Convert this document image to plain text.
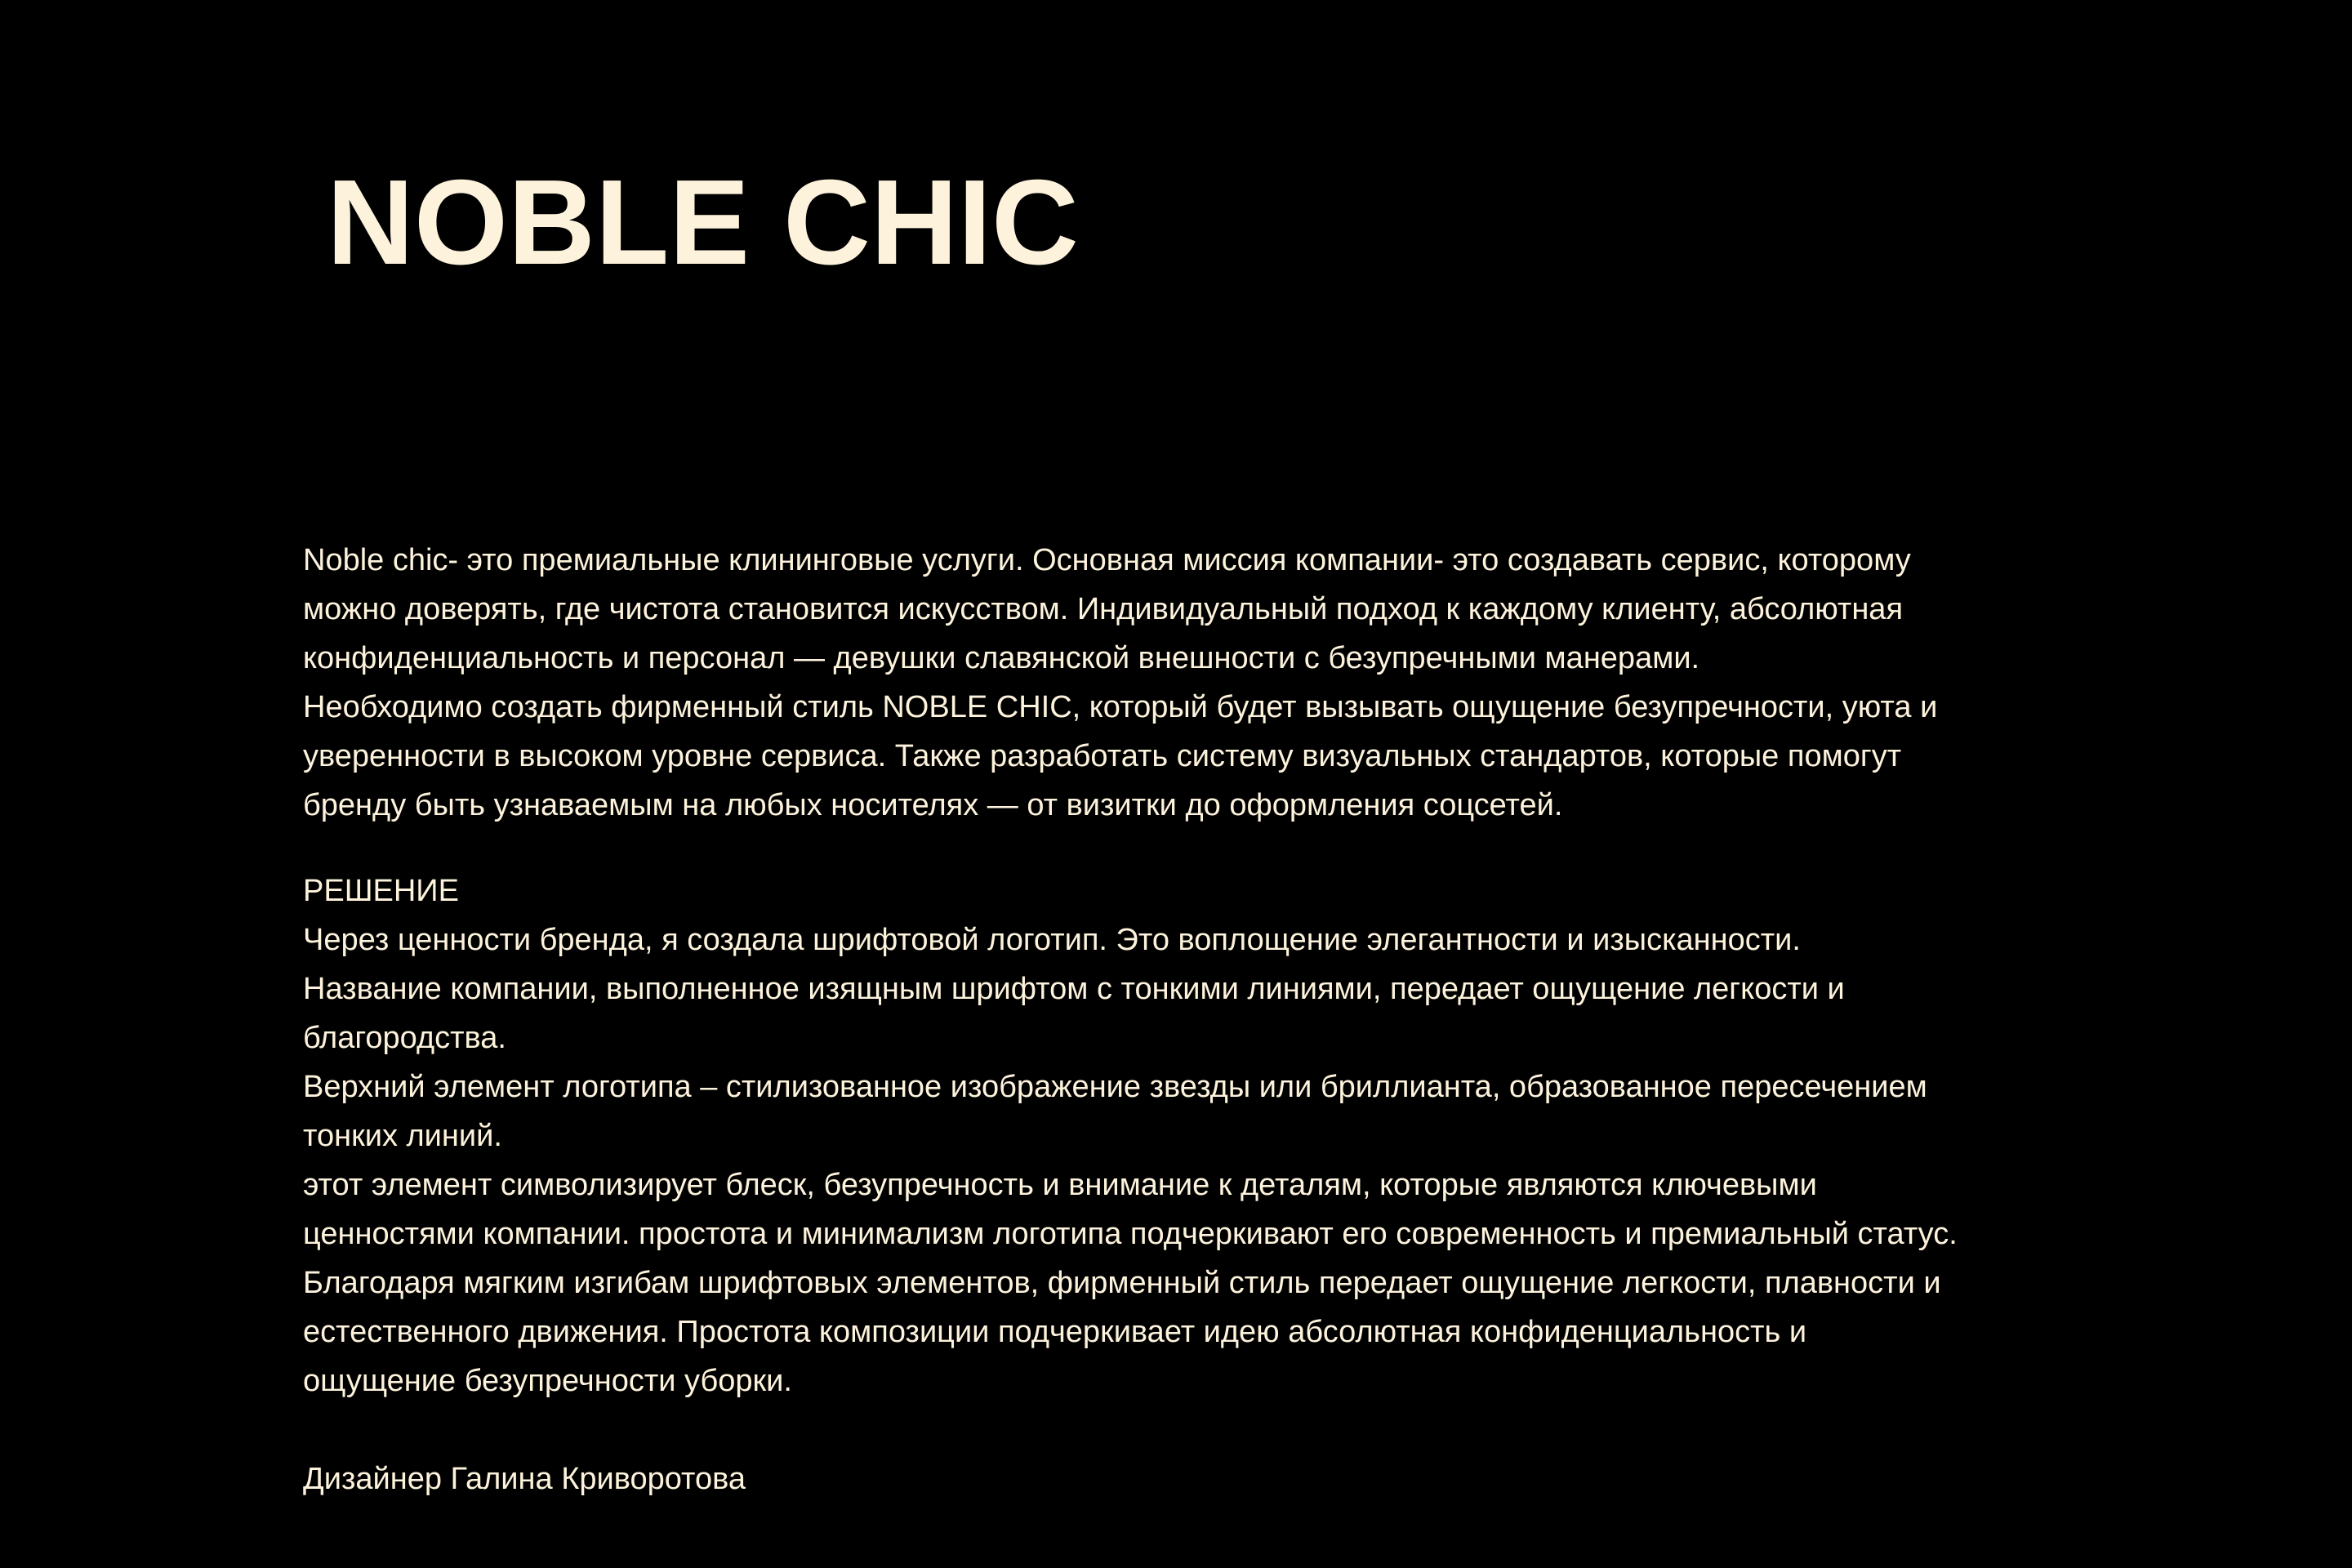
NOBLE CHIC
Noble chic- это премиальные клининговые услуги. Основная миссия компании- это создавать сервис, которому
можно доверять, где чистота становится искусством. Индивидуальный подход к каждому клиенту, абсолютная
конфиденциальность и персонал — девушки славянской внешности с безупречными манерами.
Необходимо создать фирменный стиль NOBLE CHIC, который будет вызывать ощущение безупречности, уюта и
уверенности в высоком уровне сервиса. Также разработать систему визуальных стандартов, которые помогут
бренду быть узнаваемым на любых носителях — от визитки до оформления соцсетей.
РЕШЕНИЕ
Через ценности бренда, я создала шрифтовой логотип. Это воплощение элегантности и изысканности.
Название компании, выполненное изящным шрифтом с тонкими линиями, передает ощущение легкости и
благородства.
Верхний элемент логотипа – стилизованное изображение звезды или бриллианта, образованное пересечением
тонких линий.
этот элемент символизирует блеск, безупречность и внимание к деталям, которые являются ключевыми
ценностями компании. простота и минимализм логотипа подчеркивают его современность и премиальный статус.
Благодаря мягким изгибам шрифтовых элементов, фирменный стиль передает ощущение легкости, плавности и
естественного движения. Простота композиции подчеркивает идею абсолютная конфиденциальность и
ощущение безупречности уборки.
Дизайнер Галина Криворотова
